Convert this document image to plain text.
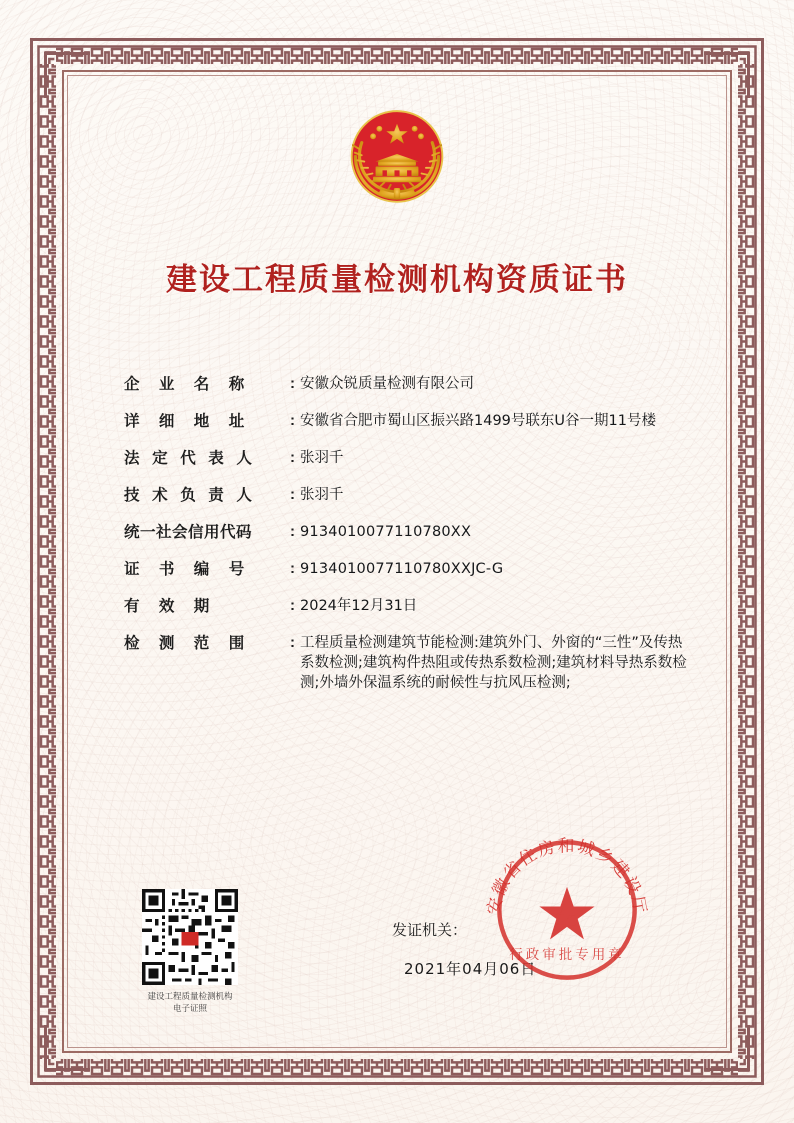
建设工程质量检测机构资质证书
企 业 名 称	: 安徽众锐质量检测有限公司
详 细 地 址	: 安徽省合肥市蜀山区振兴路1499号联东U谷一期11号楼
法 定 代 表 人	: 张羽千
技 术 负 责 人	: 张羽千
统一社会信用代码	: 9134010077110780XX
证 书 编 号	: 9134010077110780XXJC-G
有 效 期	: 2024年12月31日
检 测 范 围	: 工程质量检测建筑节能检测:建筑外门、外窗的“三性”及传热系数检测;建筑构件热阻或传热系数检测;建筑材料导热系数检测;外墙外保温系统的耐候性与抗风压检测;
建设工程质量检测机构
电子证照
发证机关：
2021年04月06日
安徽省住房和城乡建设厅
行政审批专用章
